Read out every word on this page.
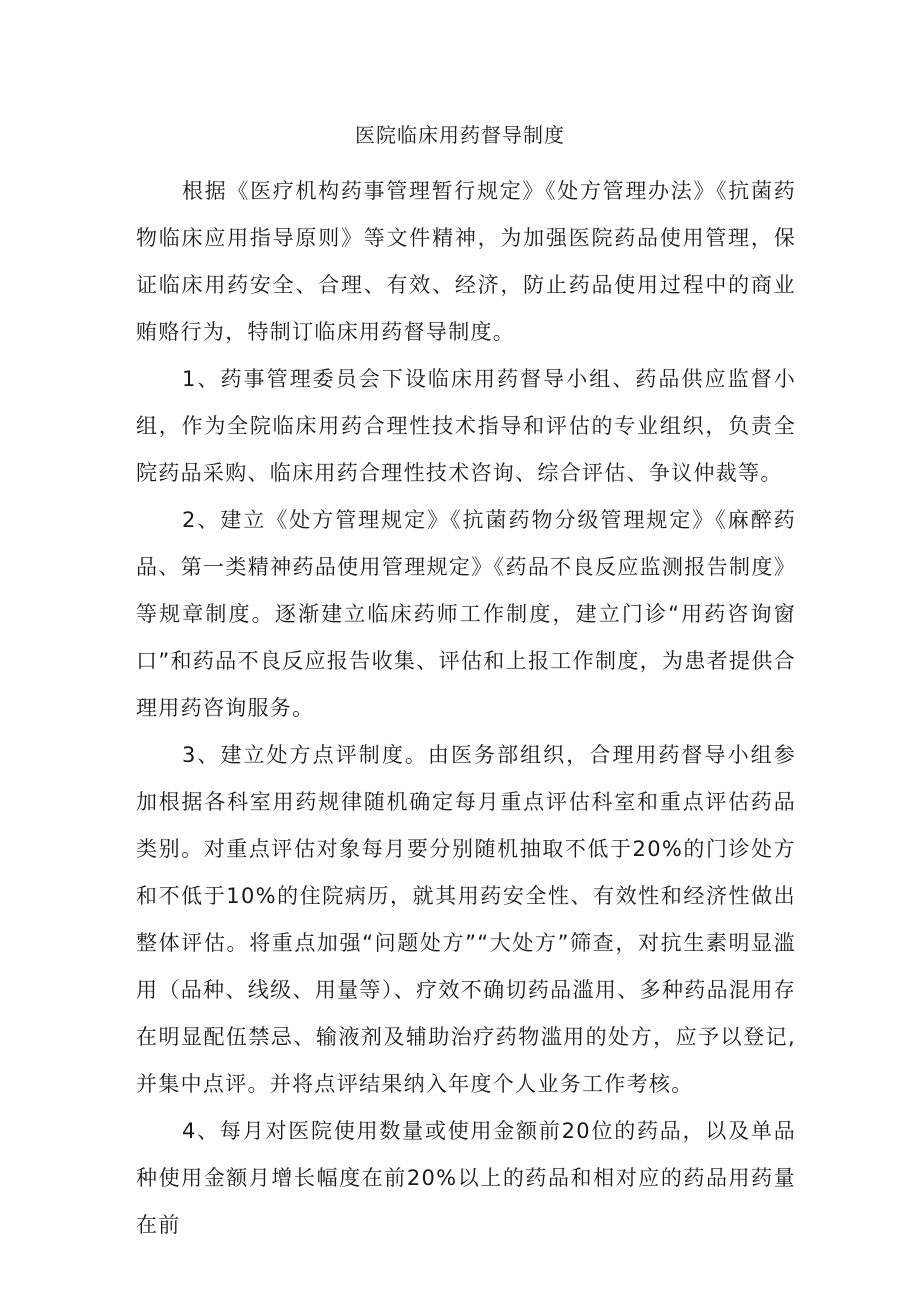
医院临床用药督导制度

根据《医疗机构药事管理暂行规定》《处方管理办法》《抗菌药物临床应用指导原则》等文件精神，为加强医院药品使用管理，保证临床用药安全、合理、有效、经济，防止药品使用过程中的商业贿赂行为，特制订临床用药督导制度。

1、药事管理委员会下设临床用药督导小组、药品供应监督小组，作为全院临床用药合理性技术指导和评估的专业组织，负责全院药品采购、临床用药合理性技术咨询、综合评估、争议仲裁等。

2、建立《处方管理规定》《抗菌药物分级管理规定》《麻醉药品、第一类精神药品使用管理规定》《药品不良反应监测报告制度》等规章制度。逐渐建立临床药师工作制度，建立门诊“用药咨询窗口”和药品不良反应报告收集、评估和上报工作制度，为患者提供合理用药咨询服务。

3、建立处方点评制度。由医务部组织，合理用药督导小组参加根据各科室用药规律随机确定每月重点评估科室和重点评估药品类别。对重点评估对象每月要分别随机抽取不低于20%的门诊处方和不低于10%的住院病历，就其用药安全性、有效性和经济性做出整体评估。将重点加强“问题处方”“大处方”筛查，对抗生素明显滥用（品种、线级、用量等）、疗效不确切药品滥用、多种药品混用存在明显配伍禁忌、输液剂及辅助治疗药物滥用的处方，应予以登记,并集中点评。并将点评结果纳入年度个人业务工作考核。

4、每月对医院使用数量或使用金额前20位的药品，以及单品种使用金额月增长幅度在前20%以上的药品和相对应的药品用药量在前
